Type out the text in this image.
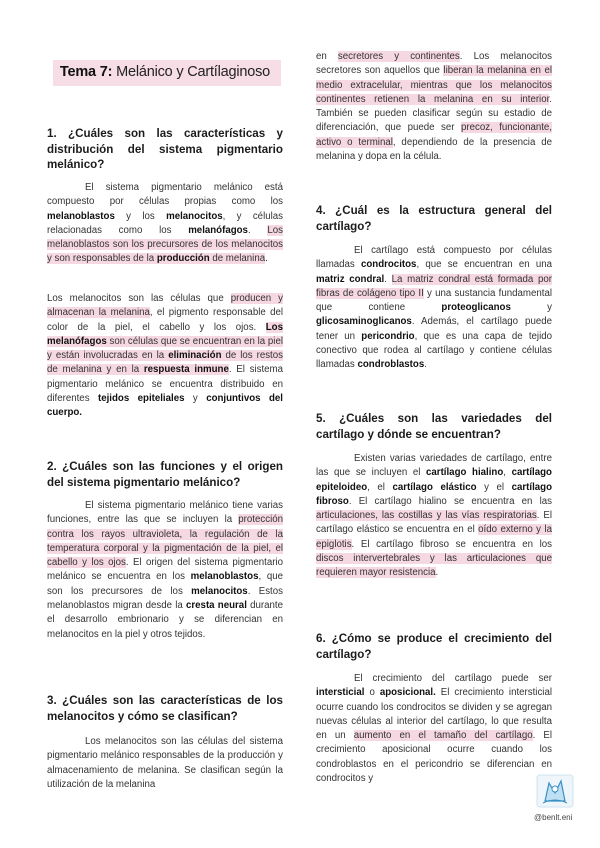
Tema 7: Melánico y Cartílaginoso
1. ¿Cuáles son las características y distribución del sistema pigmentario melánico?
El sistema pigmentario melánico está compuesto por células propias como los melanoblastos y los melanocitos, y células relacionadas como los melanófagos. Los melanoblastos son los precursores de los melanocitos y son responsables de la producción de melanina.
Los melanocitos son las células que producen y almacenan la melanina, el pigmento responsable del color de la piel, el cabello y los ojos. Los melanófagos son células que se encuentran en la piel y están involucradas en la eliminación de los restos de melanina y en la respuesta inmune. El sistema pigmentario melánico se encuentra distribuido en diferentes tejidos epiteliales y conjuntivos del cuerpo.
2. ¿Cuáles son las funciones y el origen del sistema pigmentario melánico?
El sistema pigmentario melánico tiene varias funciones, entre las que se incluyen la protección contra los rayos ultravioleta, la regulación de la temperatura corporal y la pigmentación de la piel, el cabello y los ojos. El origen del sistema pigmentario melánico se encuentra en los melanoblastos, que son los precursores de los melanocitos. Estos melanoblastos migran desde la cresta neural durante el desarrollo embrionario y se diferencian en melanocitos en la piel y otros tejidos.
3. ¿Cuáles son las características de los melanocitos y cómo se clasifican?
Los melanocitos son las células del sistema pigmentario melánico responsables de la producción y almacenamiento de melanina. Se clasifican según la utilización de la melanina
en secretores y continentes. Los melanocitos secretores son aquellos que liberan la melanina en el medio extracelular, mientras que los melanocitos continentes retienen la melanina en su interior. También se pueden clasificar según su estadio de diferenciación, que puede ser precoz, funcionante, activo o terminal, dependiendo de la presencia de melanina y dopa en la célula.
4. ¿Cuál es la estructura general del cartílago?
El cartílago está compuesto por células llamadas condrocitos, que se encuentran en una matriz condral. La matriz condral está formada por fibras de colágeno tipo II y una sustancia fundamental que contiene proteoglicanos y glicosaminoglicanos. Además, el cartílago puede tener un pericondrio, que es una capa de tejido conectivo que rodea al cartílago y contiene células llamadas condroblastos.
5. ¿Cuáles son las variedades del cartílago y dónde se encuentran?
Existen varias variedades de cartílago, entre las que se incluyen el cartílago hialino, cartílago epiteloideo, el cartílago elástico y el cartílago fibroso. El cartílago hialino se encuentra en las articulaciones, las costillas y las vías respiratorias. El cartílago elástico se encuentra en el oído externo y la epiglotis. El cartílago fibroso se encuentra en los discos intervertebrales y las articulaciones que requieren mayor resistencia.
6. ¿Cómo se produce el crecimiento del cartílago?
El crecimiento del cartílago puede ser intersticial o aposicional. El crecimiento intersticial ocurre cuando los condrocitos se dividen y se agregan nuevas células al interior del cartílago, lo que resulta en un aumento en el tamaño del cartílago. El crecimiento aposicional ocurre cuando los condroblastos en el pericondrio se diferencian en condrocitos y
@benlt.eni
